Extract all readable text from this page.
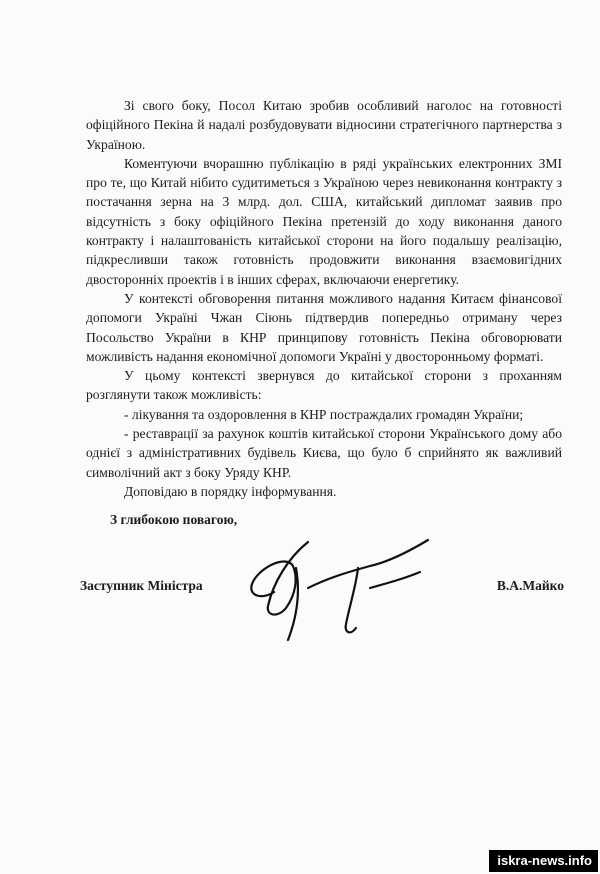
Зі свого боку, Посол Китаю зробив особливий наголос на готовності офіційного Пекіна й надалі розбудовувати відносини стратегічного партнерства з Україною.

Коментуючи вчорашню публікацію в ряді українських електронних ЗМІ про те, що Китай нібито судитиметься з Україною через невиконання контракту з постачання зерна на 3 млрд. дол. США, китайський дипломат заявив про відсутність з боку офіційного Пекіна претензій до ходу виконання даного контракту і налаштованість китайської сторони на його подальшу реалізацію, підкресливши також готовність продовжити виконання взаємовигідних двосторонніх проектів і в інших сферах, включаючи енергетику.

У контексті обговорення питання можливого надання Китаєм фінансової допомоги Україні Чжан Сіюнь підтвердив попередньо отриману через Посольство України в КНР принципову готовність Пекіна обговорювати можливість надання економічної допомоги Україні у двосторонньому форматі.

У цьому контексті звернувся до китайської сторони з проханням розглянути також можливість:

- лікування та оздоровлення в КНР постраждалих громадян України;

- реставрації за рахунок коштів китайської сторони Українського дому або однієї з адміністративних будівель Києва, що було б сприйнято як важливий символічний акт з боку Уряду КНР.

Доповідаю в порядку інформування.

З глибокою повагою,
Заступник Міністра	В.А.Майко
iskra-news.info
